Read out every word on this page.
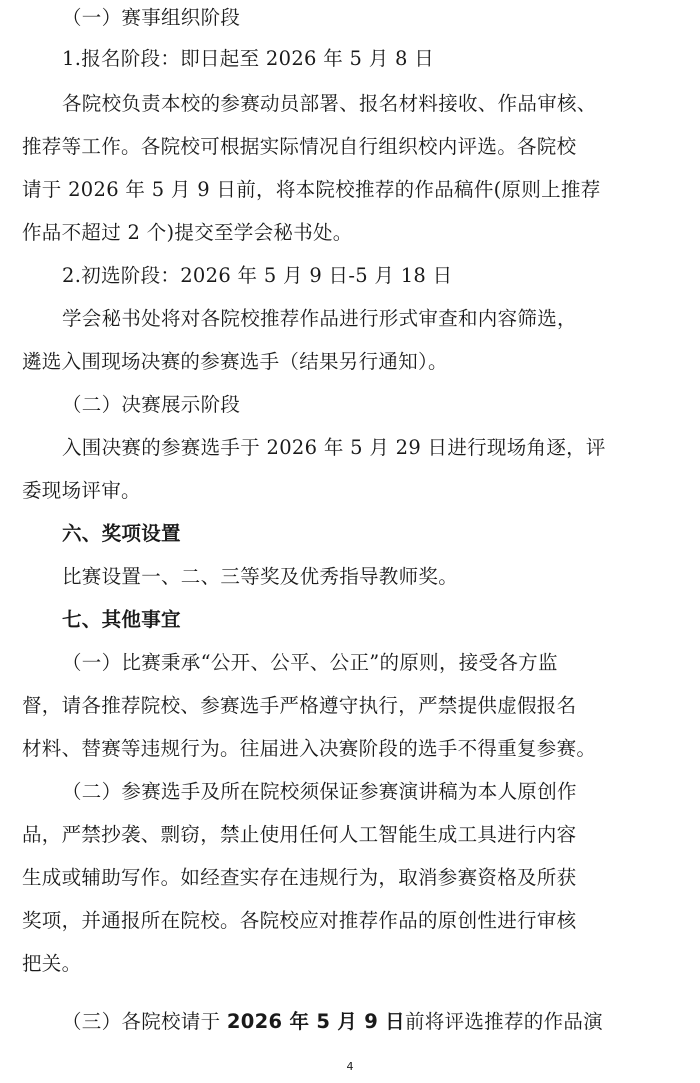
（一）赛事组织阶段
1.报名阶段：即日起至 2026 年 5 月 8 日
各院校负责本校的参赛动员部署、报名材料接收、作品审核、
推荐等工作。各院校可根据实际情况自行组织校内评选。各院校
请于 2026 年 5 月 9 日前，将本院校推荐的作品稿件(原则上推荐
作品不超过 2 个)提交至学会秘书处。
2.初选阶段：2026 年 5 月 9 日-5 月 18 日
学会秘书处将对各院校推荐作品进行形式审查和内容筛选，
遴选入围现场决赛的参赛选手（结果另行通知）。
（二）决赛展示阶段
入围决赛的参赛选手于 2026 年 5 月 29 日进行现场角逐，评
委现场评审。
六、奖项设置
比赛设置一、二、三等奖及优秀指导教师奖。
七、其他事宜
（一）比赛秉承“公开、公平、公正”的原则，接受各方监
督，请各推荐院校、参赛选手严格遵守执行，严禁提供虚假报名
材料、替赛等违规行为。往届进入决赛阶段的选手不得重复参赛。
（二）参赛选手及所在院校须保证参赛演讲稿为本人原创作
品，严禁抄袭、剽窃，禁止使用任何人工智能生成工具进行内容
生成或辅助写作。如经查实存在违规行为，取消参赛资格及所获
奖项，并通报所在院校。各院校应对推荐作品的原创性进行审核
把关。
（三）各院校请于 2026 年 5 月 9 日前将评选推荐的作品演
4
